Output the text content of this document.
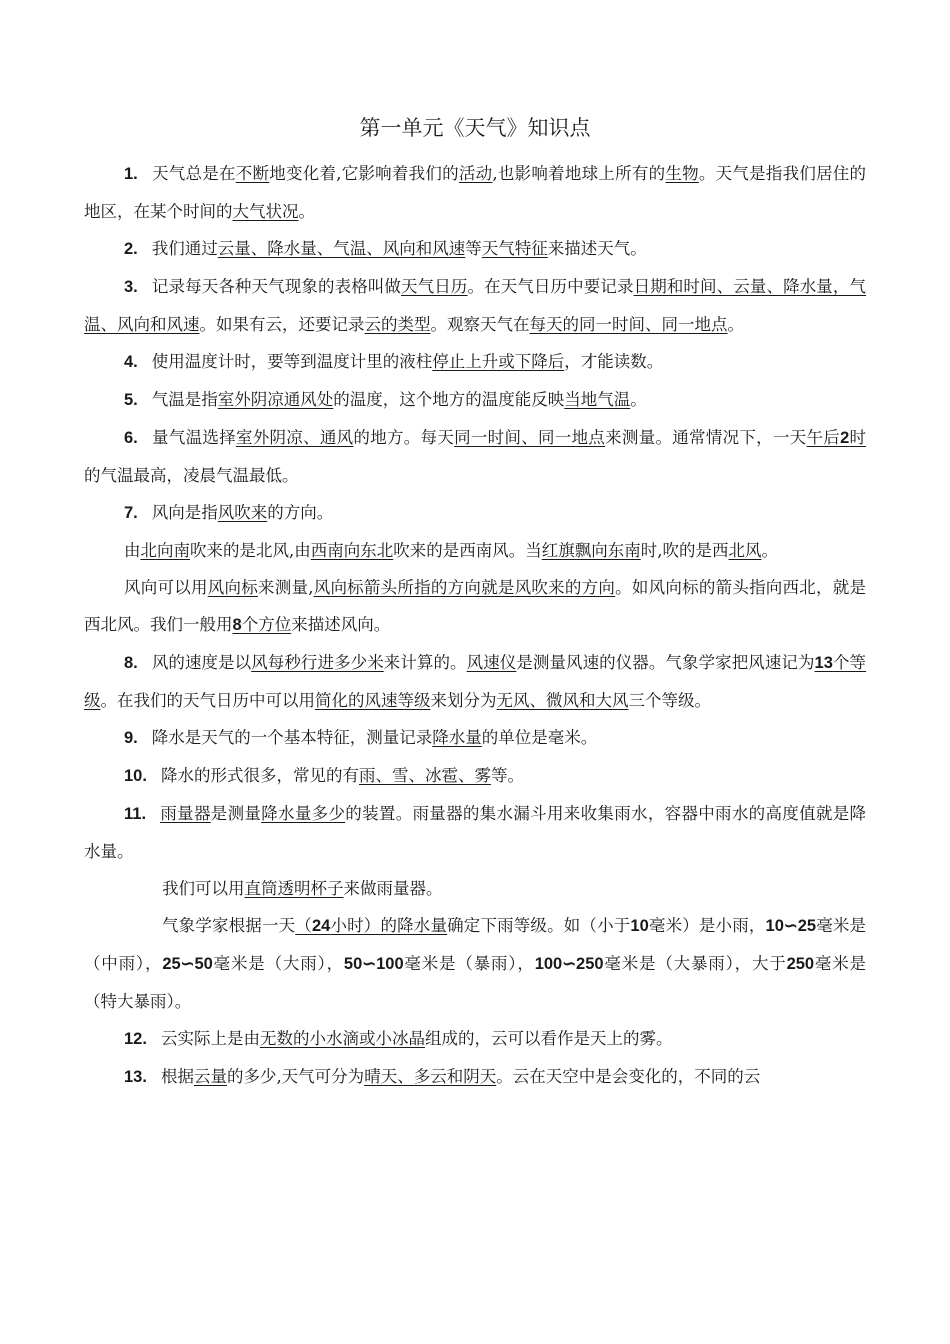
第一单元《天气》知识点

1. 天气总是在不断地变化着,它影响着我们的活动,也影响着地球上所有的生物。天气是指我们居住的地区，在某个时间的大气状况。

2. 我们通过云量、降水量、气温、风向和风速等天气特征来描述天气。

3. 记录每天各种天气现象的表格叫做天气日历。在天气日历中要记录日期和时间、云量、降水量，气温、风向和风速。如果有云，还要记录云的类型。观察天气在每天的同一时间、同一地点。

4. 使用温度计时，要等到温度计里的液柱停止上升或下降后，才能读数。

5. 气温是指室外阴凉通风处的温度，这个地方的温度能反映当地气温。

6. 量气温选择室外阴凉、通风的地方。每天同一时间、同一地点来测量。通常情况下，一天午后2时的气温最高，凌晨气温最低。

7. 风向是指风吹来的方向。

由北向南吹来的是北风,由西南向东北吹来的是西南风。当红旗飘向东南时,吹的是西北风。

风向可以用风向标来测量,风向标箭头所指的方向就是风吹来的方向。如风向标的箭头指向西北，就是西北风。我们一般用8个方位来描述风向。

8. 风的速度是以风每秒行进多少米来计算的。风速仪是测量风速的仪器。气象学家把风速记为13个等级。在我们的天气日历中可以用简化的风速等级来划分为无风、微风和大风三个等级。

9. 降水是天气的一个基本特征，测量记录降水量的单位是毫米。

10. 降水的形式很多，常见的有雨、雪、冰雹、雾等。

11. 雨量器是测量降水量多少的装置。雨量器的集水漏斗用来收集雨水，容器中雨水的高度值就是降水量。

我们可以用直筒透明杯子来做雨量器。

气象学家根据一天（24小时）的降水量确定下雨等级。如（小于10毫米）是小雨，10∽25毫米是（中雨），25∽50毫米是（大雨），50∽100毫米是（暴雨），100∽250毫米是（大暴雨），大于250毫米是（特大暴雨）。

12. 云实际上是由无数的小水滴或小冰晶组成的，云可以看作是天上的雾。

13. 根据云量的多少,天气可分为晴天、多云和阴天。云在天空中是会变化的，不同的云
